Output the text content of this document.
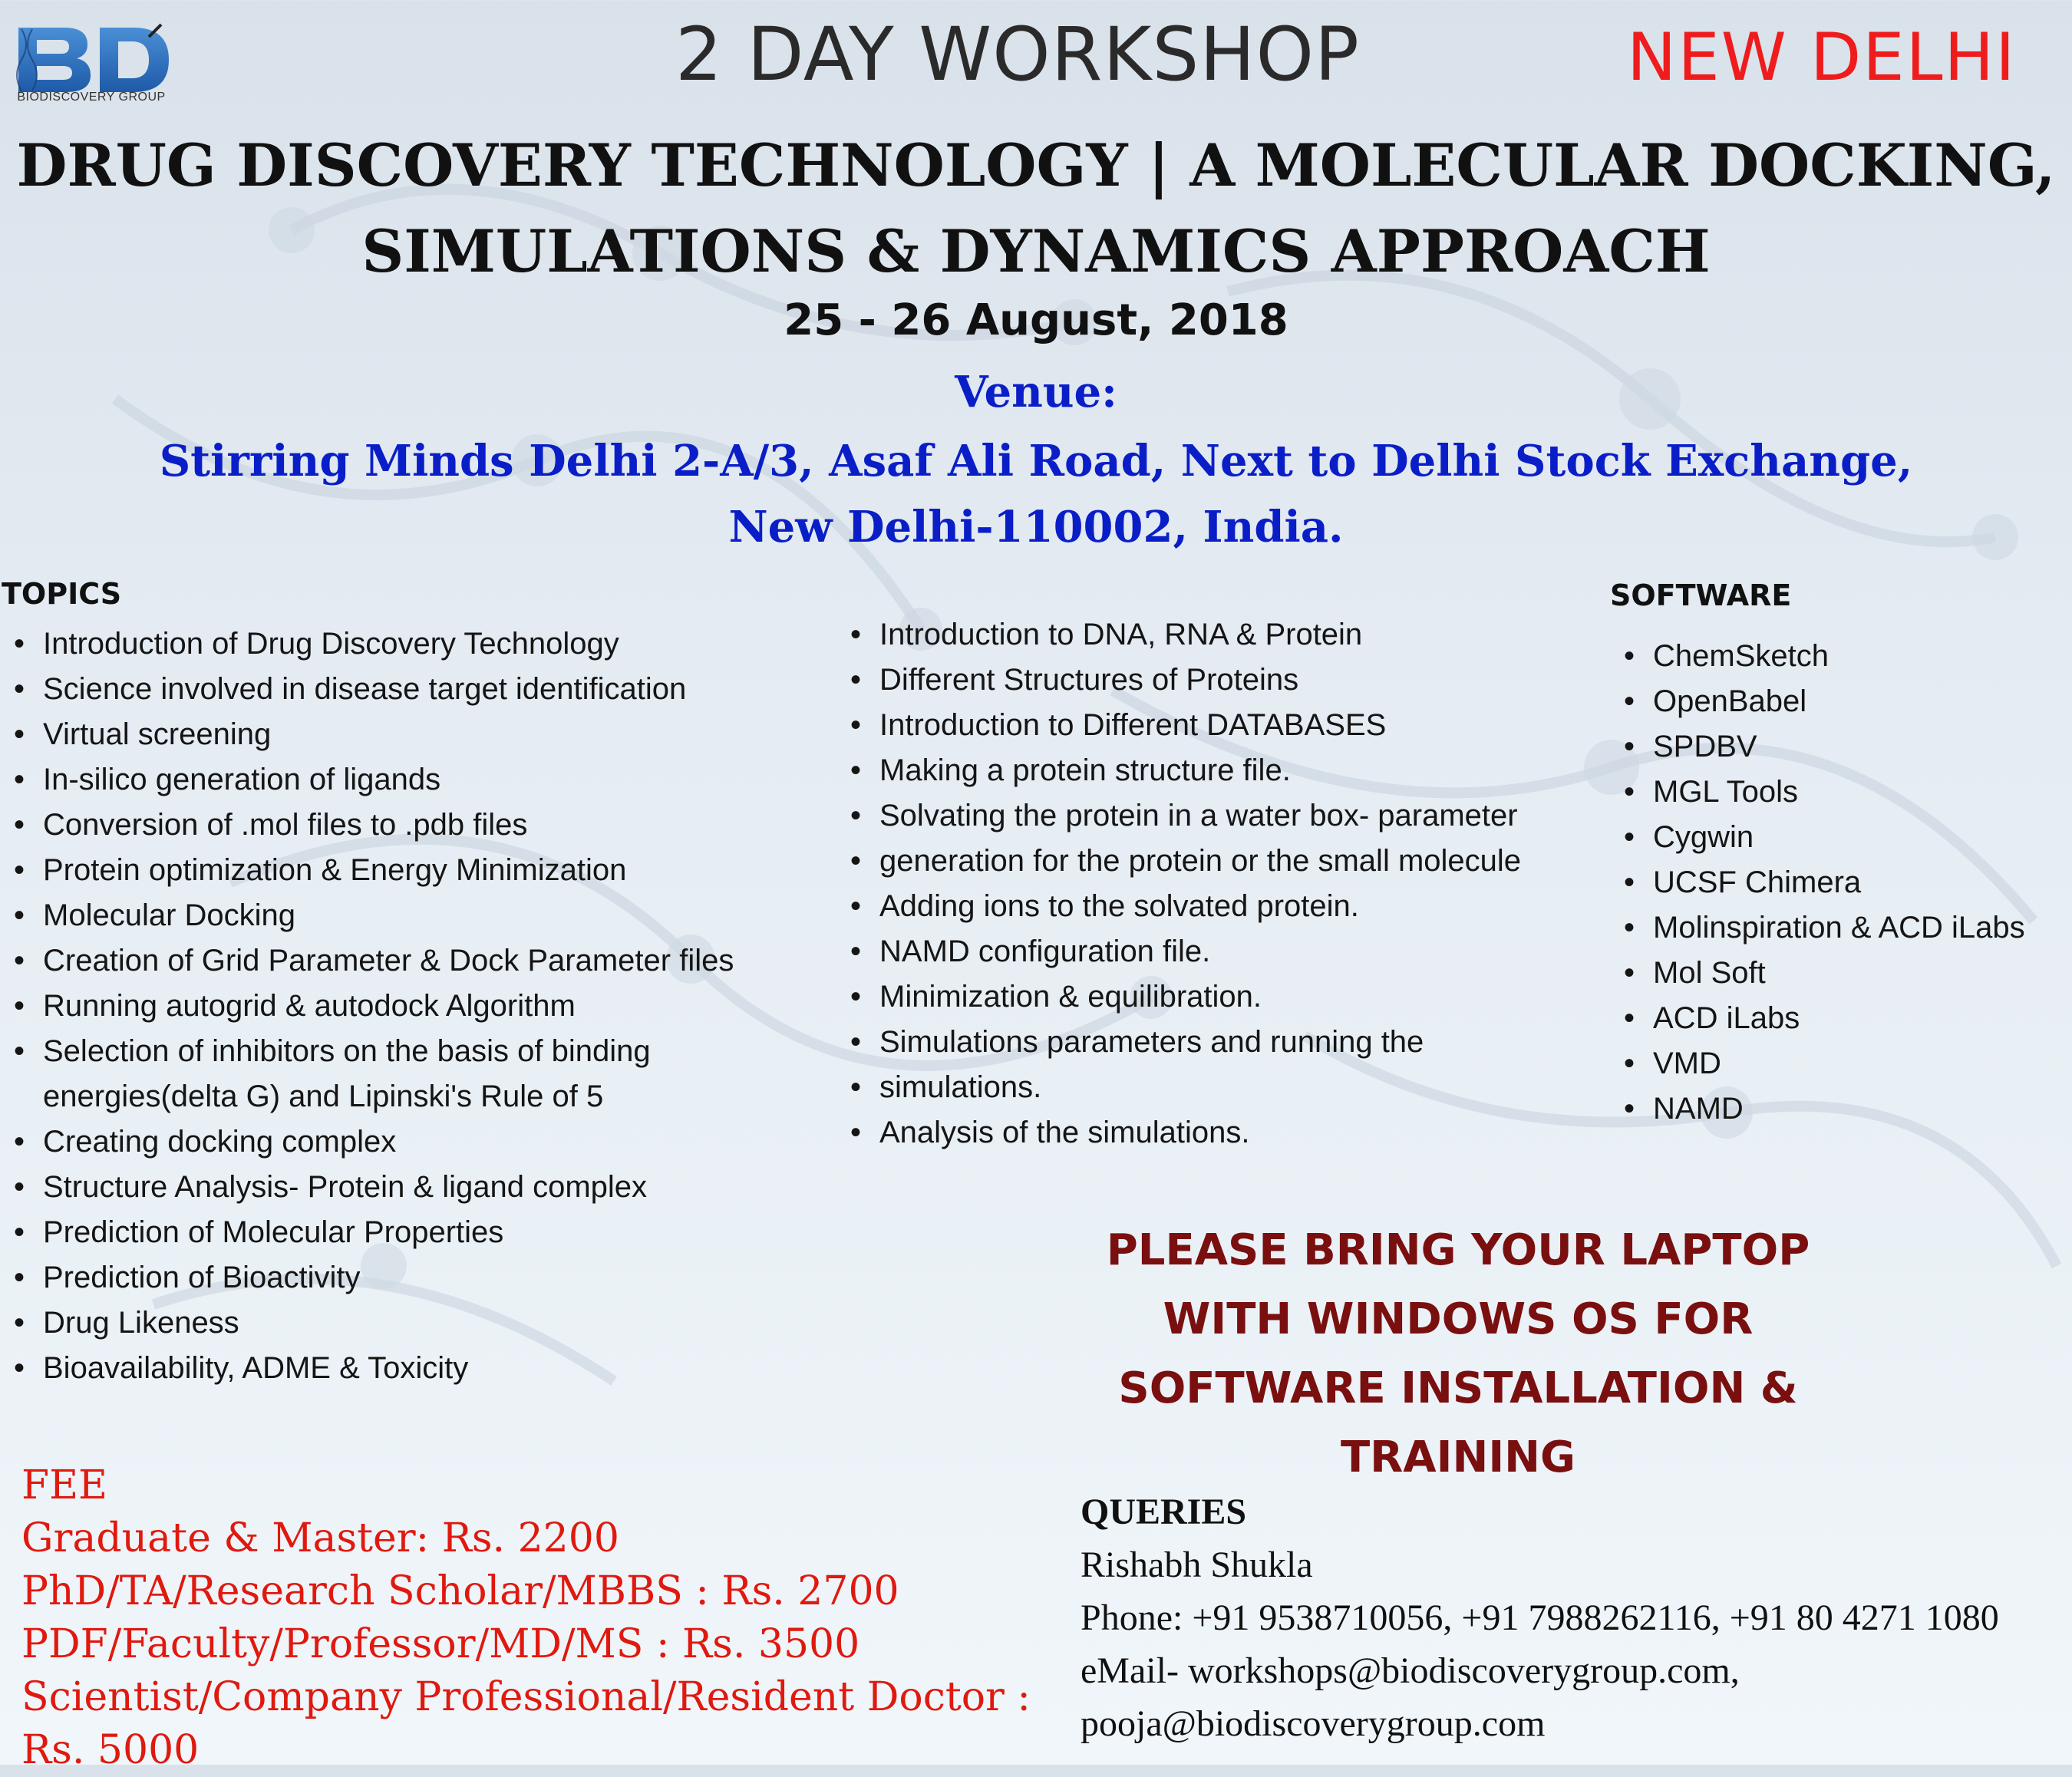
BIODISCOVERY GROUP	2 DAY WORKSHOP	NEW DELHI
DRUG DISCOVERY TECHNOLOGY | A MOLECULAR DOCKING,
SIMULATIONS & DYNAMICS APPROACH
25 - 26 August, 2018
Venue:
Stirring Minds Delhi 2-A/3, Asaf Ali Road, Next to Delhi Stock Exchange,
New Delhi-110002, India.
TOPICS
• Introduction of Drug Discovery Technology
• Science involved in disease target identification
• Virtual screening
• In-silico generation of ligands
• Conversion of .mol files to .pdb files
• Protein optimization & Energy Minimization
• Molecular Docking
• Creation of Grid Parameter & Dock Parameter files
• Running autogrid & autodock Algorithm
• Selection of inhibitors on the basis of binding energies(delta G) and Lipinski's Rule of 5
• Creating docking complex
• Structure Analysis- Protein & ligand complex
• Prediction of Molecular Properties
• Prediction of Bioactivity
• Drug Likeness
• Bioavailability, ADME & Toxicity
• Introduction to DNA, RNA & Protein
• Different Structures of Proteins
• Introduction to Different DATABASES
• Making a protein structure file.
• Solvating the protein in a water box- parameter
• generation for the protein or the small molecule
• Adding ions to the solvated protein.
• NAMD configuration file.
• Minimization & equilibration.
• Simulations parameters and running the
• simulations.
• Analysis of the simulations.
SOFTWARE
• ChemSketch
• OpenBabel
• SPDBV
• MGL Tools
• Cygwin
• UCSF Chimera
• Molinspiration & ACD iLabs
• Mol Soft
• ACD iLabs
• VMD
• NAMD
PLEASE BRING YOUR LAPTOP
WITH WINDOWS OS FOR
SOFTWARE INSTALLATION &
TRAINING
FEE
Graduate & Master: Rs. 2200
PhD/TA/Research Scholar/MBBS : Rs. 2700
PDF/Faculty/Professor/MD/MS : Rs. 3500
Scientist/Company Professional/Resident Doctor :
Rs. 5000
QUERIES
Rishabh Shukla
Phone: +91 9538710056, +91 7988262116, +91 80 4271 1080
eMail- workshops@biodiscoverygroup.com,
pooja@biodiscoverygroup.com
